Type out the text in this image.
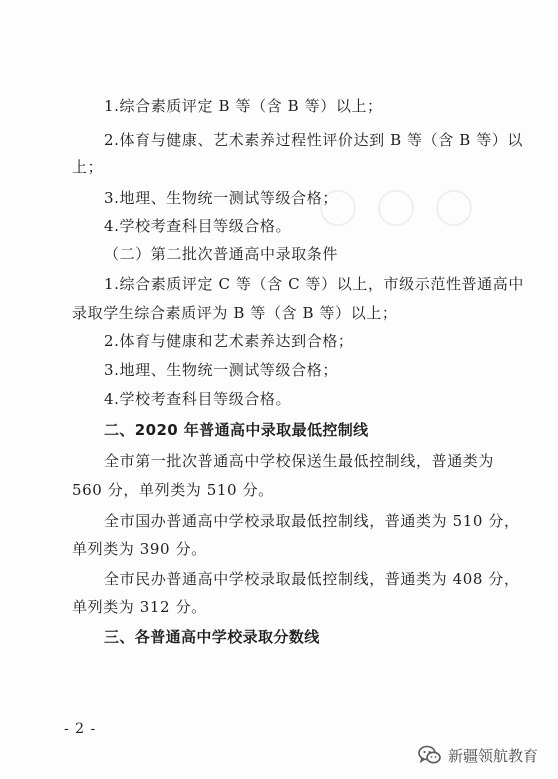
〇〇〇
1.综合素质评定 B 等（含 B 等）以上；
2.体育与健康、艺术素养过程性评价达到 B 等（含 B 等）以
上；
3.地理、生物统一测试等级合格；
4.学校考查科目等级合格。
（二）第二批次普通高中录取条件
1.综合素质评定 C 等（含 C 等）以上，市级示范性普通高中
录取学生综合素质评为 B 等（含 B 等）以上；
2.体育与健康和艺术素养达到合格；
3.地理、生物统一测试等级合格；
4.学校考查科目等级合格。
二、2020 年普通高中录取最低控制线
全市第一批次普通高中学校保送生最低控制线，普通类为
560 分，单列类为 510 分。
全市国办普通高中学校录取最低控制线，普通类为 510 分，
单列类为 390 分。
全市民办普通高中学校录取最低控制线，普通类为 408 分，
单列类为 312 分。
三、各普通高中学校录取分数线
- 2 -
新疆领航教育
